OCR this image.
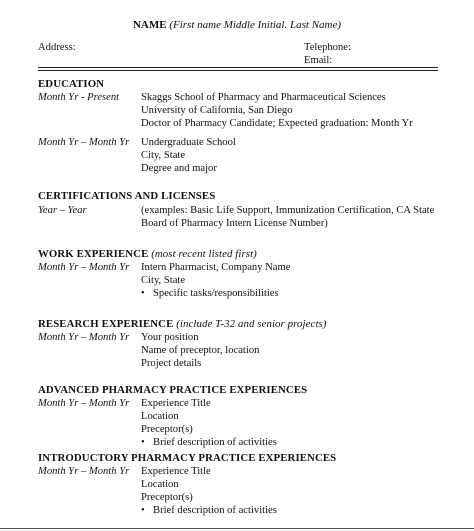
NAME (First name Middle Initial. Last Name)
Address:	Telephone:
Email:
EDUCATION
Month Yr - Present Skaggs School of Pharmacy and Pharmaceutical Sciences
University of California, San Diego
Doctor of Pharmacy Candidate; Expected graduation: Month Yr
Month Yr – Month Yr Undergraduate School
City, State
Degree and major
CERTIFICATIONS AND LICENSES
Year – Year	(examples: Basic Life Support, Immunization Certification, CA State
Board of Pharmacy Intern License Number)
WORK EXPERIENCE (most recent listed first)
Month Yr – Month Yr Intern Pharmacist, Company Name
City, State
• Specific tasks/responsibilities
RESEARCH EXPERIENCE (include T-32 and senior projects)
Month Yr – Month Yr Your position
Name of preceptor, location
Project details
ADVANCED PHARMACY PRACTICE EXPERIENCES
Month Yr – Month Yr Experience Title
Location
Preceptor(s)
• Brief description of activities
INTRODUCTORY PHARMACY PRACTICE EXPERIENCES
Month Yr – Month Yr Experience Title
Location
Preceptor(s)
• Brief description of activities
